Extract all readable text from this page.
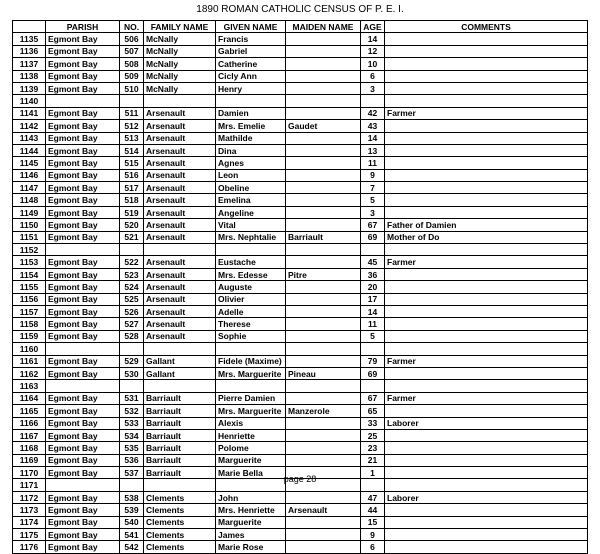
1890 ROMAN CATHOLIC CENSUS OF P. E. I.
	PARISH	NO.	FAMILY NAME	GIVEN NAME	MAIDEN NAME	AGE	COMMENTS
1135	Egmont Bay	506	McNally	Francis		14	
1136	Egmont Bay	507	McNally	Gabriel		12	
1137	Egmont Bay	508	McNally	Catherine		10	
1138	Egmont Bay	509	McNally	Cicly Ann		6	
1139	Egmont Bay	510	McNally	Henry		3	
1140							
1141	Egmont Bay	511	Arsenault	Damien		42	Farmer
1142	Egmont Bay	512	Arsenault	Mrs. Emelie	Gaudet	43	
1143	Egmont Bay	513	Arsenault	Mathilde		14	
1144	Egmont Bay	514	Arsenault	Dina		13	
1145	Egmont Bay	515	Arsenault	Agnes		11	
1146	Egmont Bay	516	Arsenault	Leon		9	
1147	Egmont Bay	517	Arsenault	Obeline		7	
1148	Egmont Bay	518	Arsenault	Emelina		5	
1149	Egmont Bay	519	Arsenault	Angeline		3	
1150	Egmont Bay	520	Arsenault	Vital		67	Father of Damien
1151	Egmont Bay	521	Arsenault	Mrs. Nephtalie	Barriault	69	Mother of Do
1152							
1153	Egmont Bay	522	Arsenault	Eustache		45	Farmer
1154	Egmont Bay	523	Arsenault	Mrs. Edesse	Pitre	36	
1155	Egmont Bay	524	Arsenault	Auguste		20	
1156	Egmont Bay	525	Arsenault	Olivier		17	
1157	Egmont Bay	526	Arsenault	Adelle		14	
1158	Egmont Bay	527	Arsenault	Therese		11	
1159	Egmont Bay	528	Arsenault	Sophie		5	
1160							
1161	Egmont Bay	529	Gallant	Fidele (Maxime)		79	Farmer
1162	Egmont Bay	530	Gallant	Mrs. Marguerite	Pineau	69	
1163							
1164	Egmont Bay	531	Barriault	Pierre Damien		67	Farmer
1165	Egmont Bay	532	Barriault	Mrs. Marguerite	Manzerole	65	
1166	Egmont Bay	533	Barriault	Alexis		33	Laborer
1167	Egmont Bay	534	Barriault	Henriette		25	
1168	Egmont Bay	535	Barriault	Polome		23	
1169	Egmont Bay	536	Barriault	Marguerite		21	
1170	Egmont Bay	537	Barriault	Marie Bella		1	
1171							
1172	Egmont Bay	538	Clements	John		47	Laborer
1173	Egmont Bay	539	Clements	Mrs. Henriette	Arsenault	44	
1174	Egmont Bay	540	Clements	Marguerite		15	
1175	Egmont Bay	541	Clements	James		9	
1176	Egmont Bay	542	Clements	Marie Rose		6	
page 28
